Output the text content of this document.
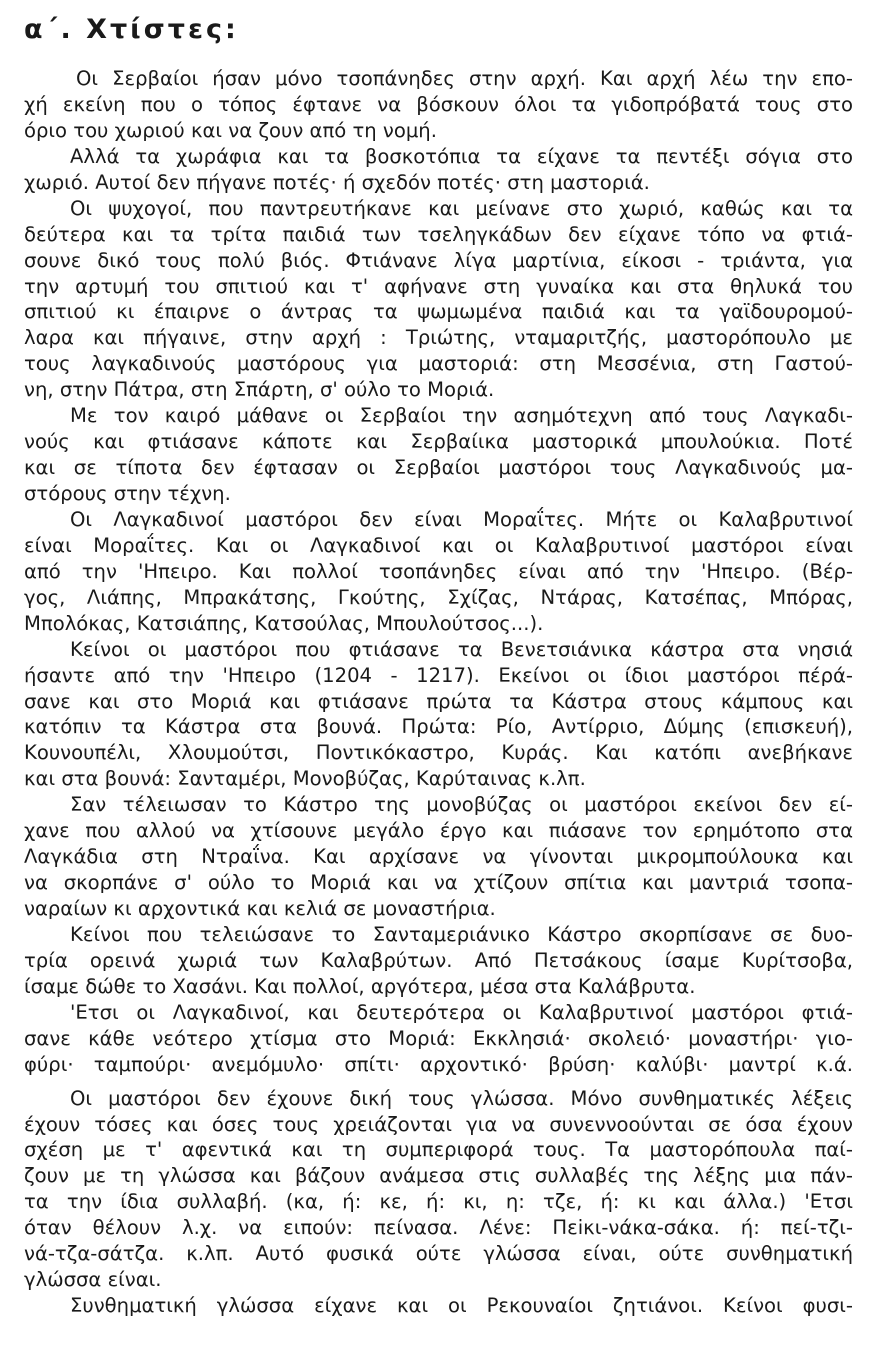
α΄. Χτίστες:
Οι Σερβαίοι ήσαν μόνο τσοπάνηδες στην αρχή. Και αρχή λέω την επο-
χή εκείνη που ο τόπος έφτανε να βόσκουν όλοι τα γιδοπρόβατά τους στο
όριο του χωριού και να ζουν από τη νομή.
Αλλά τα χωράφια και τα βοσκοτόπια τα είχανε τα πεντέξι σόγια στο
χωριό. Αυτοί δεν πήγανε ποτές· ή σχεδόν ποτές· στη μαστοριά.
Οι ψυχογοί, που παντρευτήκανε και μείνανε στο χωριό, καθώς και τα
δεύτερα και τα τρίτα παιδιά των τσεληγκάδων δεν είχανε τόπο να φτιά-
σουνε δικό τους πολύ βιός. Φτιάνανε λίγα μαρτίνια, είκοσι - τριάντα, για
την αρτυμή του σπιτιού και τ' αφήνανε στη γυναίκα και στα θηλυκά του
σπιτιού κι έπαιρνε ο άντρας τα ψωμωμένα παιδιά και τα γαϊδουρομού-
λαρα και πήγαινε, στην αρχή : Τριώτης, νταμαριτζής, μαστορόπουλο με
τους λαγκαδινούς μαστόρους για μαστοριά: στη Μεσσένια, στη Γαστού-
νη, στην Πάτρα, στη Σπάρτη, σ' ούλο το Μοριά.
Με τον καιρό μάθανε οι Σερβαίοι την ασημότεχνη από τους Λαγκαδι-
νούς και φτιάσανε κάποτε και Σερβαίικα μαστορικά μπουλούκια. Ποτέ
και σε τίποτα δεν έφτασαν οι Σερβαίοι μαστόροι τους Λαγκαδινούς μα-
στόρους στην τέχνη.
Οι Λαγκαδινοί μαστόροι δεν είναι Μοραΐτες. Μήτε οι Καλαβρυτινοί
είναι Μοραΐτες. Και οι Λαγκαδινοί και οι Καλαβρυτινοί μαστόροι είναι
από την 'Ηπειρο. Και πολλοί τσοπάνηδες είναι από την 'Ηπειρο. (Βέρ-
γος, Λιάπης, Μπρακάτσης, Γκούτης, Σχίζας, Ντάρας, Κατσέπας, Μπόρας,
Μπολόκας, Κατσιάπης, Κατσούλας, Μπουλούτσος...).
Κείνοι οι μαστόροι που φτιάσανε τα Βενετσιάνικα κάστρα στα νησιά
ήσαντε από την 'Ηπειρο (1204 - 1217). Εκείνοι οι ίδιοι μαστόροι πέρά-
σανε και στο Μοριά και φτιάσανε πρώτα τα Κάστρα στους κάμπους και
κατόπιν τα Κάστρα στα βουνά. Πρώτα: Ρίο, Αντίρριο, Δύμης (επισκευή),
Κουνουπέλι, Χλουμούτσι, Ποντικόκαστρο, Κυράς. Και κατόπι ανεβήκανε
και στα βουνά: Σανταμέρι, Μονοβύζας, Καρύταινας κ.λπ.
Σαν τέλειωσαν το Κάστρο της μονοβύζας οι μαστόροι εκείνοι δεν εί-
χανε που αλλού να χτίσουνε μεγάλο έργο και πιάσανε τον ερημότοπο στα
Λαγκάδια στη Ντραΐνα. Και αρχίσανε να γίνονται μικρομπούλουκα και
να σκορπάνε σ' ούλο το Μοριά και να χτίζουν σπίτια και μαντριά τσοπα-
ναραίων κι αρχοντικά και κελιά σε μοναστήρια.
Κείνοι που τελειώσανε το Σανταμεριάνικο Κάστρο σκορπίσανε σε δυο-
τρία ορεινά χωριά των Καλαβρύτων. Από Πετσάκους ίσαμε Κυρίτσοβα,
ίσαμε δώθε το Χασάνι. Και πολλοί, αργότερα, μέσα στα Καλάβρυτα.
'Ετσι οι Λαγκαδινοί, και δευτερότερα οι Καλαβρυτινοί μαστόροι φτιά-
σανε κάθε νεότερο χτίσμα στο Μοριά: Εκκλησιά· σκολειό· μοναστήρι· γιο-
φύρι· ταμπούρι· ανεμόμυλο· σπίτι· αρχοντικό· βρύση· καλύβι· μαντρί κ.ά.
Οι μαστόροι δεν έχουνε δική τους γλώσσα. Μόνο συνθηματικές λέξεις
έχουν τόσες και όσες τους χρειάζονται για να συνεννοούνται σε όσα έχουν
σχέση με τ' αφεντικά και τη συμπεριφορά τους. Τα μαστορόπουλα παί-
ζουν με τη γλώσσα και βάζουν ανάμεσα στις συλλαβές της λέξης μια πάν-
τα την ίδια συλλαβή. (κα, ή: κε, ή: κι, η: τζε, ή: κι και άλλα.) 'Ετσι
όταν θέλουν λ.χ. να ειπούν: πείνασα. Λένε: Πεiκι-νάκα-σάκα. ή: πεί-τζι-
νά-τζα-σάτζα. κ.λπ. Αυτό φυσικά ούτε γλώσσα είναι, ούτε συνθηματική
γλώσσα είναι.
Συνθηματική γλώσσα είχανε και οι Ρεκουναίοι ζητιάνοι. Κείνοι φυσι-
